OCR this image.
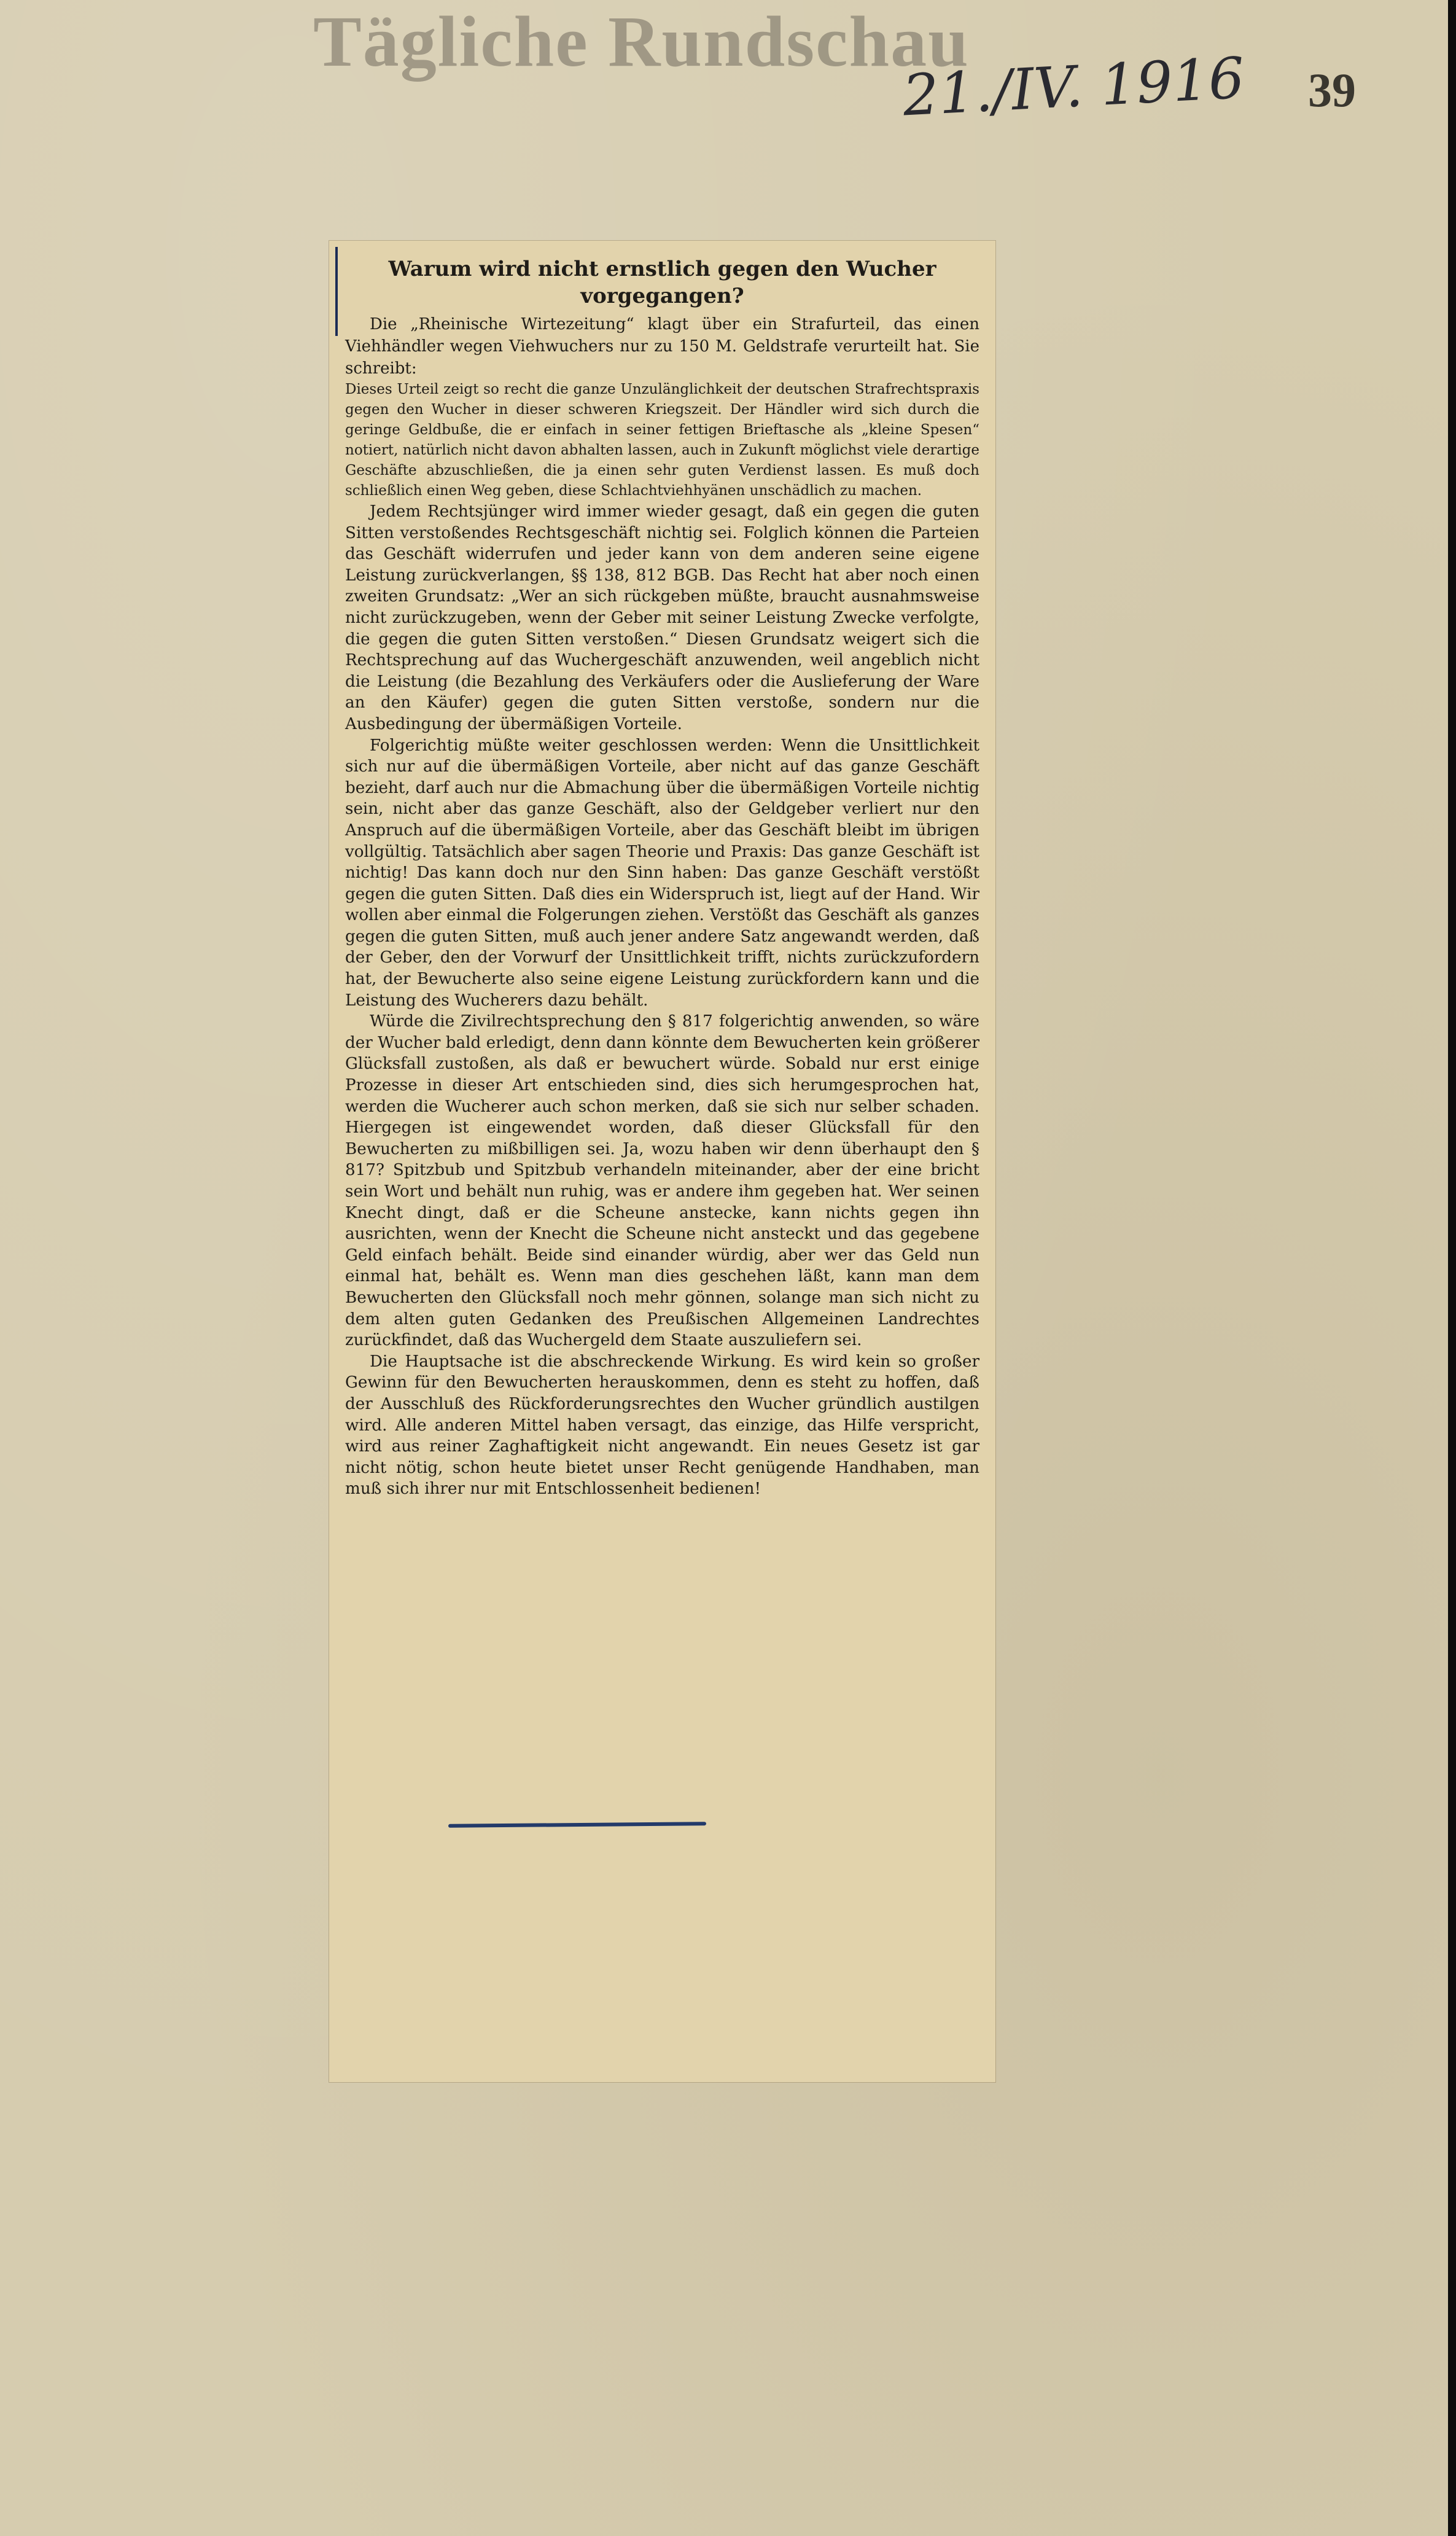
Tägliche Rundschau
21./IV. 1916 39
Warum wird nicht ernstlich gegen den Wucher vorgegangen?

Die „Rheinische Wirtezeitung“ klagt über ein Strafurteil, das einen Viehhändler wegen Viehwuchers nur zu 150 M. Geldstrafe verurteilt hat. Sie schreibt:

Dieses Urteil zeigt so recht die ganze Unzulänglichkeit der deutschen Strafrechtspraxis gegen den Wucher in dieser schweren Kriegszeit. Der Händler wird sich durch die geringe Geldbuße, die er einfach in seiner fettigen Brieftasche als „kleine Spesen“ notiert, natürlich nicht davon abhalten lassen, auch in Zukunft möglichst viele derartige Geschäfte abzuschließen, die ja einen sehr guten Verdienst lassen. Es muß doch schließlich einen Weg geben, diese Schlachtviehhyänen unschädlich zu machen.

Jedem Rechtsjünger wird immer wieder gesagt, daß ein gegen die guten Sitten verstoßendes Rechtsgeschäft nichtig sei. Folglich können die Parteien das Geschäft widerrufen und jeder kann von dem anderen seine eigene Leistung zurückverlangen, §§ 138, 812 BGB. Das Recht hat aber noch einen zweiten Grundsatz: „Wer an sich rückgeben müßte, braucht ausnahmsweise nicht zurückzugeben, wenn der Geber mit seiner Leistung Zwecke verfolgte, die gegen die guten Sitten verstoßen.“ Diesen Grundsatz weigert sich die Rechtsprechung auf das Wuchergeschäft anzuwenden, weil angeblich nicht die Leistung (die Bezahlung des Verkäufers oder die Auslieferung der Ware an den Käufer) gegen die guten Sitten verstoße, sondern nur die Ausbedingung der übermäßigen Vorteile.

Folgerichtig müßte weiter geschlossen werden: Wenn die Unsittlichkeit sich nur auf die übermäßigen Vorteile, aber nicht auf das ganze Geschäft bezieht, darf auch nur die Abmachung über die übermäßigen Vorteile nichtig sein, nicht aber das ganze Geschäft, also der Geldgeber verliert nur den Anspruch auf die übermäßigen Vorteile, aber das Geschäft bleibt im übrigen vollgültig. Tatsächlich aber sagen Theorie und Praxis: Das ganze Geschäft ist nichtig! Das kann doch nur den Sinn haben: Das ganze Geschäft verstößt gegen die guten Sitten. Daß dies ein Widerspruch ist, liegt auf der Hand. Wir wollen aber einmal die Folgerungen ziehen. Verstößt das Geschäft als ganzes gegen die guten Sitten, muß auch jener andere Satz angewandt werden, daß der Geber, den der Vorwurf der Unsittlichkeit trifft, nichts zurückzufordern hat, der Bewucherte also seine eigene Leistung zurückfordern kann und die Leistung des Wucherers dazu behält.

Würde die Zivilrechtsprechung den § 817 folgerichtig anwenden, so wäre der Wucher bald erledigt, denn dann könnte dem Bewucherten kein größerer Glücksfall zustoßen, als daß er bewuchert würde. Sobald nur erst einige Prozesse in dieser Art entschieden sind, dies sich herumgesprochen hat, werden die Wucherer auch schon merken, daß sie sich nur selber schaden. Hiergegen ist eingewendet worden, daß dieser Glücksfall für den Bewucherten zu mißbilligen sei. Ja, wozu haben wir denn überhaupt den § 817? Spitzbub und Spitzbub verhandeln miteinander, aber der eine bricht sein Wort und behält nun ruhig, was er andere ihm gegeben hat. Wer seinen Knecht dingt, daß er die Scheune anstecke, kann nichts gegen ihn ausrichten, wenn der Knecht die Scheune nicht ansteckt und das gegebene Geld einfach behält. Beide sind einander würdig, aber wer das Geld nun einmal hat, behält es. Wenn man dies geschehen läßt, kann man dem Bewucherten den Glücksfall noch mehr gönnen, solange man sich nicht zu dem alten guten Gedanken des Preußischen Allgemeinen Landrechtes zurückfindet, daß das Wuchergeld dem Staate auszuliefern sei.

Die Hauptsache ist die abschreckende Wirkung. Es wird kein so großer Gewinn für den Bewucherten herauskommen, denn es steht zu hoffen, daß der Ausschluß des Rückforderungsrechtes den Wucher gründlich austilgen wird. Alle anderen Mittel haben versagt, das einzige, das Hilfe verspricht, wird aus reiner Zaghaftigkeit nicht angewandt. Ein neues Gesetz ist gar nicht nötig, schon heute bietet unser Recht genügende Handhaben, man muß sich ihrer nur mit Entschlossenheit bedienen!
